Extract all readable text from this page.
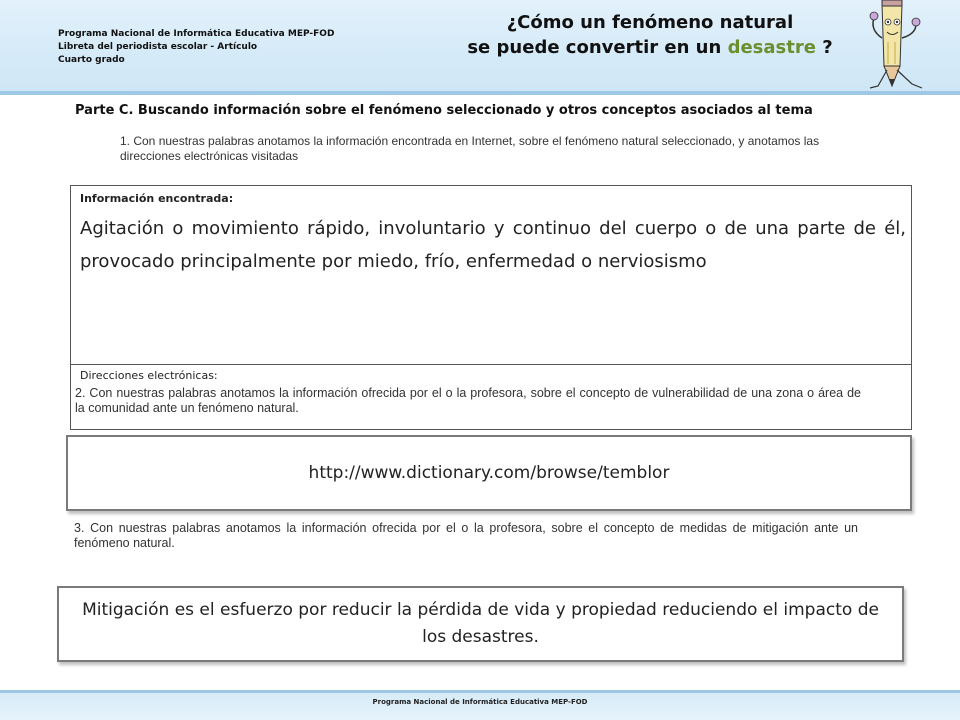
Programa Nacional de Informática Educativa MEP-FOD
Libreta del periodista escolar - Artículo
Cuarto grado
¿Cómo un fenómeno natural
se puede convertir en un desastre ?
Parte C. Buscando información sobre el fenómeno seleccionado y otros conceptos asociados al tema
1. Con nuestras palabras anotamos la información encontrada en Internet, sobre el fenómeno natural seleccionado, y anotamos las direcciones electrónicas visitadas
Información encontrada:
Agitación o movimiento rápido, involuntario y continuo del cuerpo o de una parte de él, provocado principalmente por miedo, frío, enfermedad o nerviosismo
Direcciones electrónicas:
2. Con nuestras palabras anotamos la información ofrecida por el o la profesora, sobre el concepto de vulnerabilidad de una zona o área de la comunidad ante un fenómeno natural.
http://www.dictionary.com/browse/temblor
3. Con nuestras palabras anotamos la información ofrecida por el o la profesora, sobre el concepto de medidas de mitigación ante un fenómeno natural.
Mitigación es el esfuerzo por reducir la pérdida de vida y propiedad reduciendo el impacto de los desastres.
Programa Nacional de Informática Educativa MEP-FOD
